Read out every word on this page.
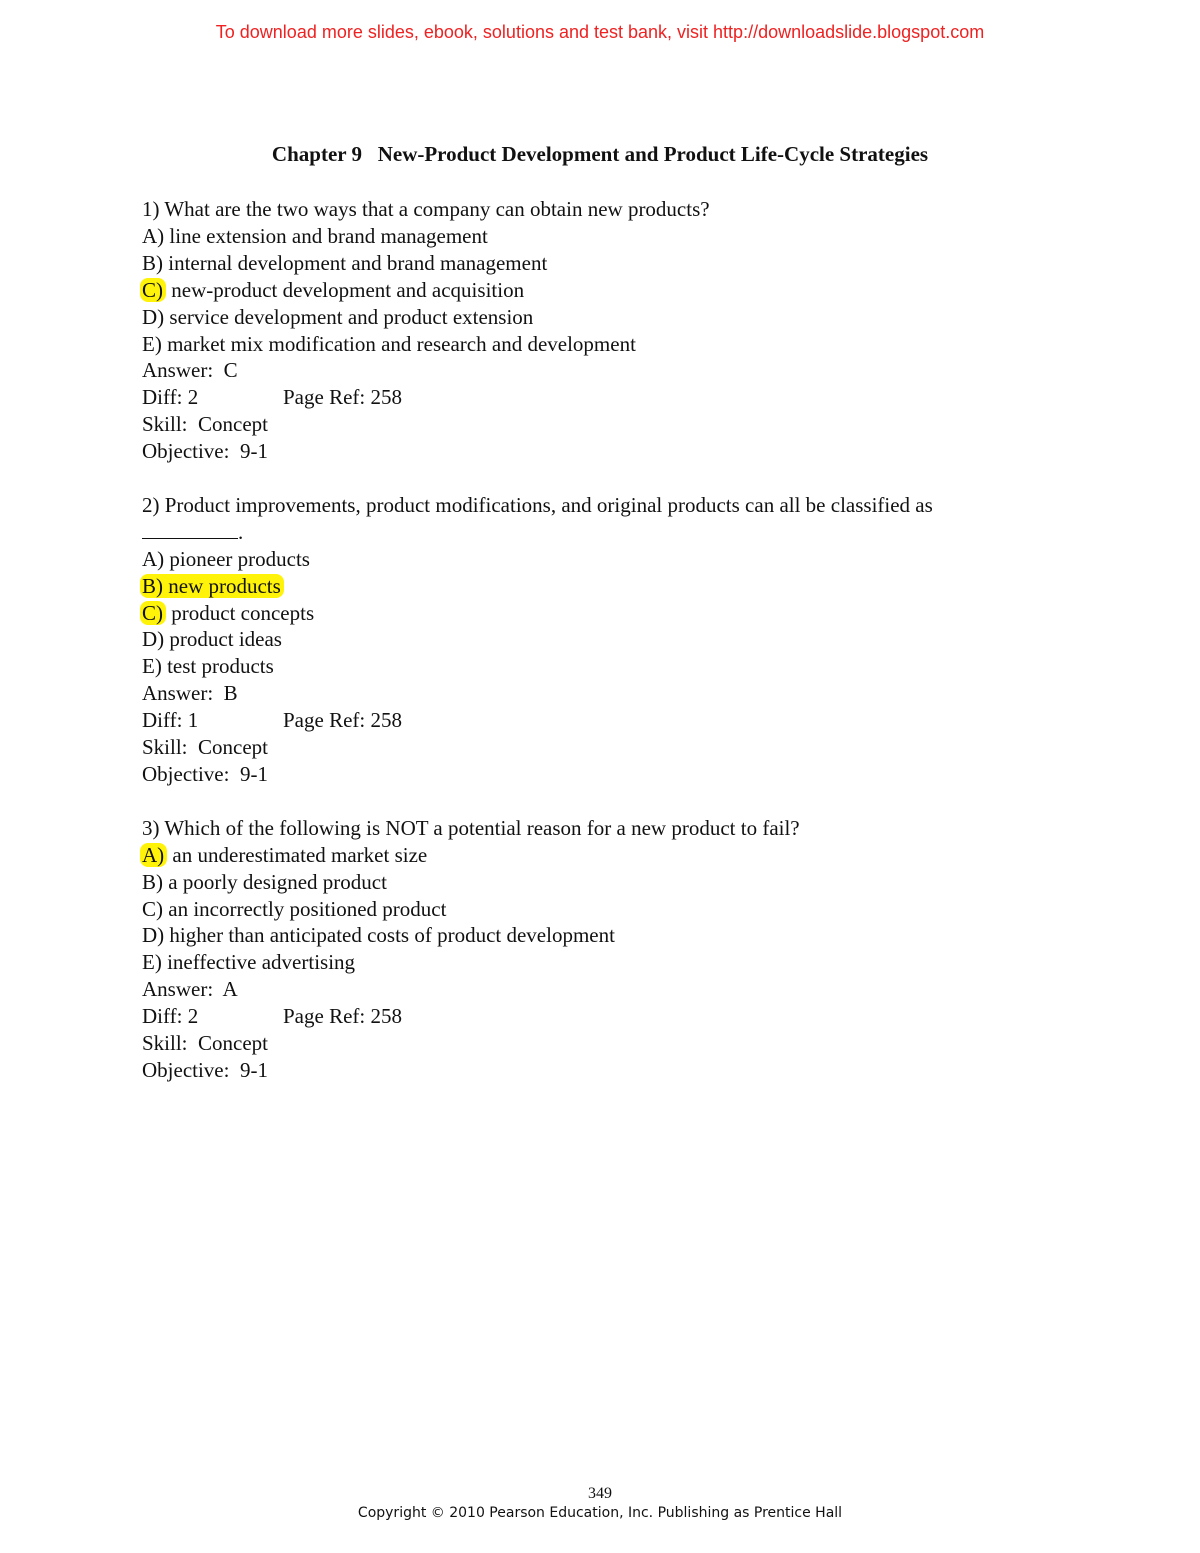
To download more slides, ebook, solutions and test bank, visit http://downloadslide.blogspot.com
Chapter 9   New-Product Development and Product Life-Cycle Strategies
1) What are the two ways that a company can obtain new products?
A) line extension and brand management
B) internal development and brand management
C) new-product development and acquisition
D) service development and product extension
E) market mix modification and research and development
Answer:  C
Diff: 2	Page Ref: 258
Skill:  Concept
Objective:  9-1
2) Product improvements, product modifications, and original products can all be classified as
.
A) pioneer products
B) new products
C) product concepts
D) product ideas
E) test products
Answer:  B
Diff: 1	Page Ref: 258
Skill:  Concept
Objective:  9-1
3) Which of the following is NOT a potential reason for a new product to fail?
A) an underestimated market size
B) a poorly designed product
C) an incorrectly positioned product
D) higher than anticipated costs of product development
E) ineffective advertising
Answer:  A
Diff: 2	Page Ref: 258
Skill:  Concept
Objective:  9-1
349
Copyright © 2010 Pearson Education, Inc. Publishing as Prentice Hall
